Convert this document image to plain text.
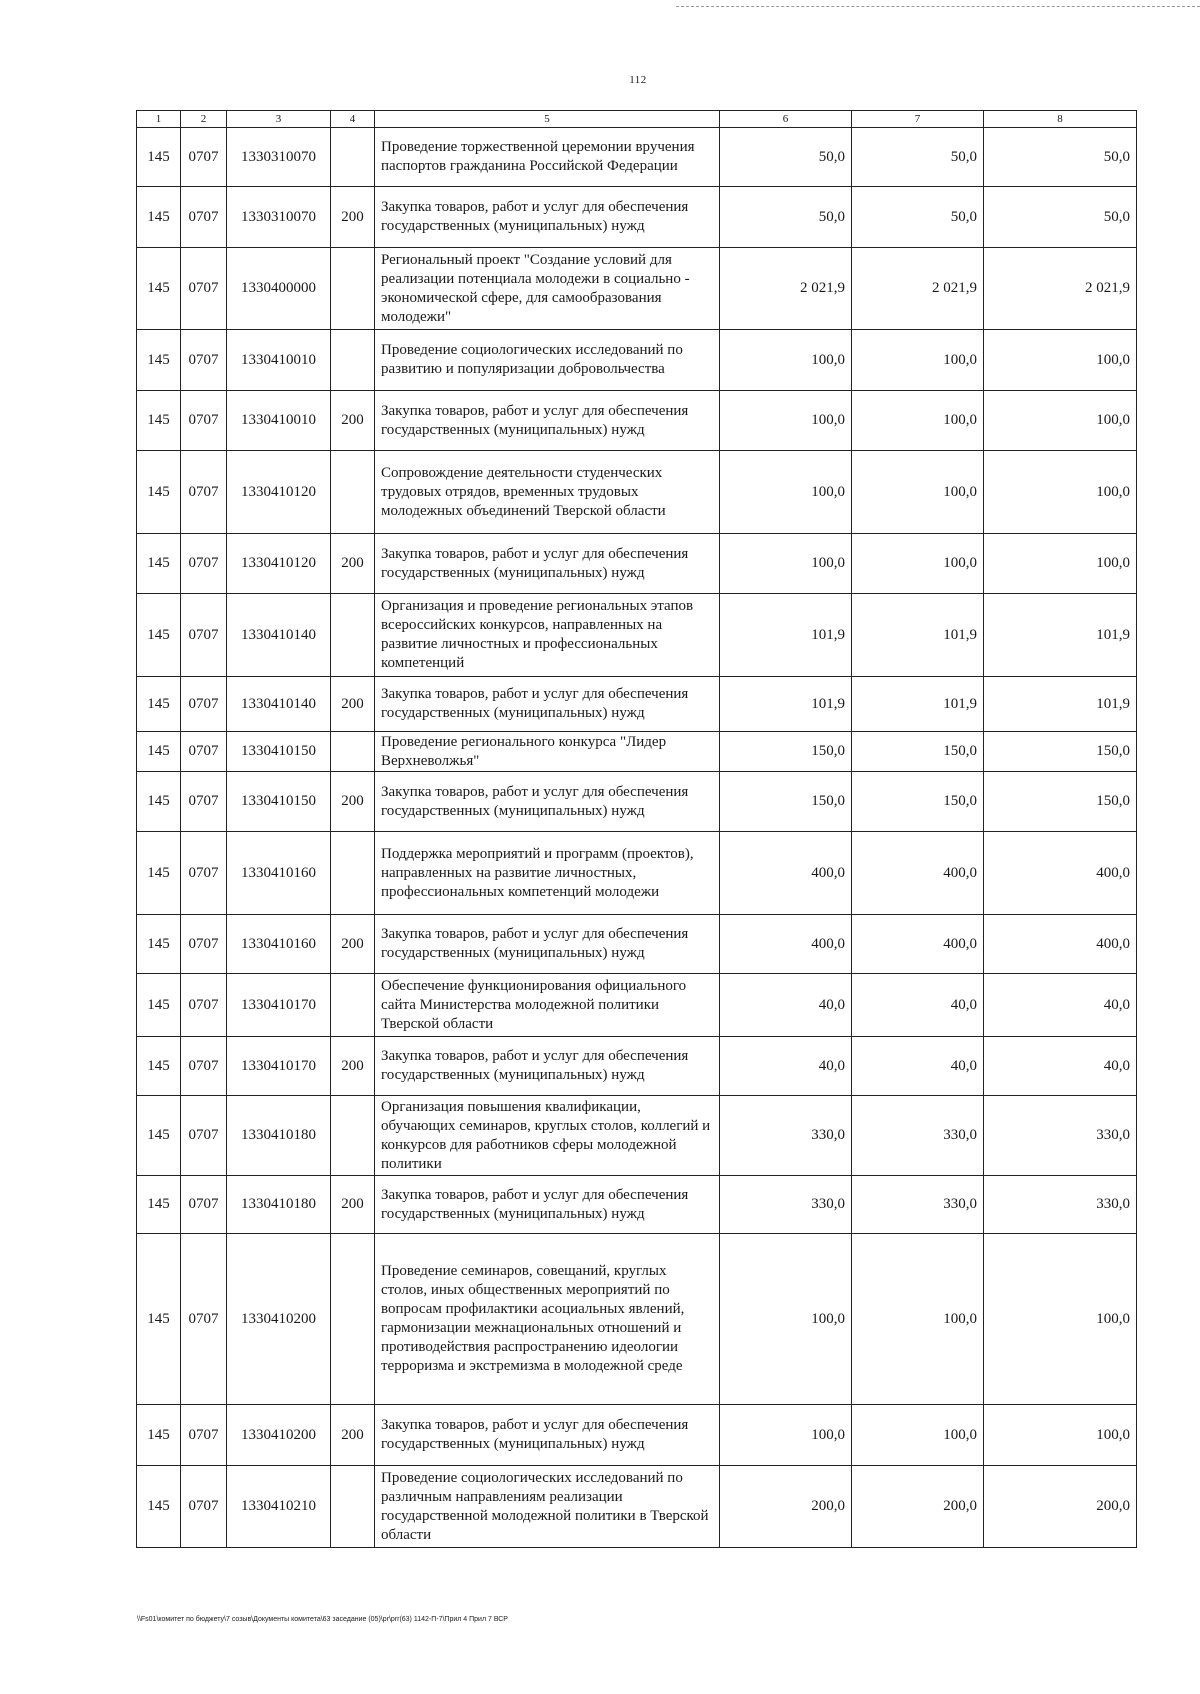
112
1	2	3	4	5	6	7	8
145	0707	1330310070		Проведение торжественной церемонии вручения паспортов гражданина Российской Федерации	50,0	50,0	50,0
145	0707	1330310070	200	Закупка товаров, работ и услуг для обеспечения государственных (муниципальных) нужд	50,0	50,0	50,0
145	0707	1330400000		Региональный проект "Создание условий для реализации потенциала молодежи в социально - экономической сфере, для самообразования молодежи"	2 021,9	2 021,9	2 021,9
145	0707	1330410010		Проведение социологических исследований по развитию и популяризации добровольчества	100,0	100,0	100,0
145	0707	1330410010	200	Закупка товаров, работ и услуг для обеспечения государственных (муниципальных) нужд	100,0	100,0	100,0
145	0707	1330410120		Сопровождение деятельности студенческих трудовых отрядов, временных трудовых молодежных объединений Тверской области	100,0	100,0	100,0
145	0707	1330410120	200	Закупка товаров, работ и услуг для обеспечения государственных (муниципальных) нужд	100,0	100,0	100,0
145	0707	1330410140		Организация и проведение региональных этапов всероссийских конкурсов, направленных на развитие личностных и профессиональных компетенций	101,9	101,9	101,9
145	0707	1330410140	200	Закупка товаров, работ и услуг для обеспечения государственных (муниципальных) нужд	101,9	101,9	101,9
145	0707	1330410150		Проведение регионального конкурса "Лидер Верхневолжья"	150,0	150,0	150,0
145	0707	1330410150	200	Закупка товаров, работ и услуг для обеспечения государственных (муниципальных) нужд	150,0	150,0	150,0
145	0707	1330410160		Поддержка мероприятий и программ (проектов), направленных на развитие личностных, профессиональных компетенций молодежи	400,0	400,0	400,0
145	0707	1330410160	200	Закупка товаров, работ и услуг для обеспечения государственных (муниципальных) нужд	400,0	400,0	400,0
145	0707	1330410170		Обеспечение функционирования официального сайта Министерства молодежной политики Тверской области	40,0	40,0	40,0
145	0707	1330410170	200	Закупка товаров, работ и услуг для обеспечения государственных (муниципальных) нужд	40,0	40,0	40,0
145	0707	1330410180		Организация повышения квалификации, обучающих семинаров, круглых столов, коллегий и конкурсов для работников сферы молодежной политики	330,0	330,0	330,0
145	0707	1330410180	200	Закупка товаров, работ и услуг для обеспечения государственных (муниципальных) нужд	330,0	330,0	330,0
145	0707	1330410200		Проведение семинаров, совещаний, круглых столов, иных общественных мероприятий по вопросам профилактики асоциальных явлений, гармонизации межнациональных отношений и противодействия распространению идеологии терроризма и экстремизма в молодежной среде	100,0	100,0	100,0
145	0707	1330410200	200	Закупка товаров, работ и услуг для обеспечения государственных (муниципальных) нужд	100,0	100,0	100,0
145	0707	1330410210		Проведение социологических исследований по различным направлениям реализации государственной молодежной политики в Тверской области	200,0	200,0	200,0
\\Fs01\комитет по бюджету\7 созыв\Документы комитета\63 заседание (05)\pr\prr(63) 1142-П-7\Прил 4 Прил 7 ВСР
